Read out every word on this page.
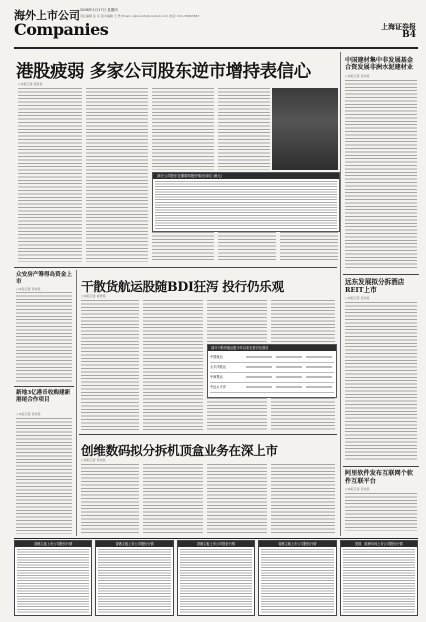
海外上市公司
Companies
2008年1月17日 星期四
责任编辑 张 亮 美术编辑 王 勇 Email: zqbcoinfo@cnstock.com 电话: 021-38967687
上海证券报
B4
港股疲弱 多家公司股东逆市增持表信心
○本报记者 廖彦昆
部分公司股东近期增持股份情况(单位:港元)
中国建材集中非发展基金合资发展非洲水泥建材业
○本报记者 吴伟民
远东发展拟分拆酒店REIT上市
○本报记者 吴伟民
阿里软件发布互联网个软件互联平台
○本报记者 吴伟民
众安房产筹得岛资金上市
○本报记者 吴伟民
新地3亿港币收购建新港尾合作项目
○本报记者 吴伟民
干散货航运股随BDI狂泻 投行仍乐观
○本报记者 黄青春
部分干散货航运股今年以来走势对比情况
中国航运
太平洋航运
中海集运
中远太平洋
创维数码拟分拆机顶盒业务在深上市
○本报记者 吴伟民
香港主板上市公司股价行情	香港主板上市公司股价行情	香港主板上市公司股价行情	香港主板上市公司股价行情	美国、欧洲市场上市公司股价行情
